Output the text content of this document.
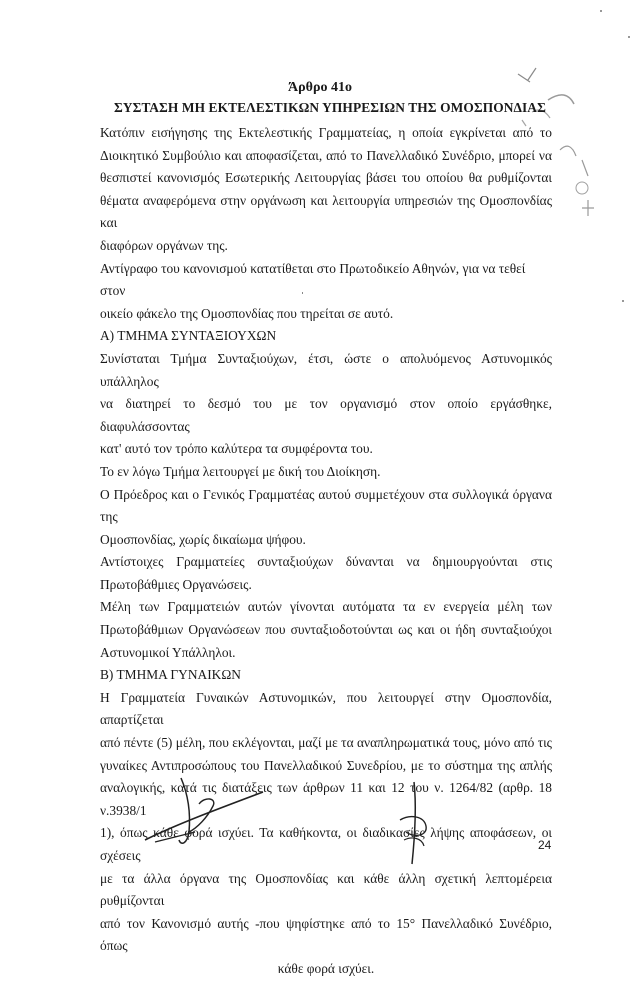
Άρθρο 41ο
ΣΥΣΤΑΣΗ ΜΗ ΕΚΤΕΛΕΣΤΙΚΩΝ ΥΠΗΡΕΣΙΩΝ ΤΗΣ ΟΜΟΣΠΟΝΔΙΑΣ

Κατόπιν εισήγησης της Εκτελεστικής Γραμματείας, η οποία εγκρίνεται από το

Διοικητικό Συμβούλιο και αποφασίζεται, από το Πανελλαδικό Συνέδριο, μπορεί να

θεσπιστεί κανονισμός Εσωτερικής Λειτουργίας βάσει του οποίου θα ρυθμίζονται

θέματα αναφερόμενα στην οργάνωση και λειτουργία υπηρεσιών της Ομοσπονδίας και

διαφόρων οργάνων της.

Αντίγραφο του κανονισμού κατατίθεται στο Πρωτοδικείο Αθηνών, για να τεθεί στον

οικείο φάκελο της Ομοσπονδίας που τηρείται σε αυτό.

Α) ΤΜΗΜΑ ΣΥΝΤΑΞΙΟΥΧΩΝ

Συνίσταται Τμήμα Συνταξιούχων, έτσι, ώστε ο απολυόμενος Αστυνομικός υπάλληλος

να διατηρεί το δεσμό του με τον οργανισμό στον οποίο εργάσθηκε, διαφυλάσσοντας

κατ' αυτό τον τρόπο καλύτερα τα συμφέροντα του.

Το εν λόγω Τμήμα λειτουργεί με δική του Διοίκηση.

Ο Πρόεδρος και ο Γενικός Γραμματέας αυτού συμμετέχουν στα συλλογικά όργανα της

Ομοσπονδίας, χωρίς δικαίωμα ψήφου.

Αντίστοιχες Γραμματείες συνταξιούχων δύνανται να δημιουργούνται στις

Πρωτοβάθμιες Οργανώσεις.

Μέλη των Γραμματειών αυτών γίνονται αυτόματα τα εν ενεργεία μέλη των

Πρωτοβάθμιων Οργανώσεων που συνταξιοδοτούνται ως και οι ήδη συνταξιούχοι

Αστυνομικοί Υπάλληλοι.

Β) ΤΜΗΜΑ ΓΥΝΑΙΚΩΝ

Η Γραμματεία Γυναικών Αστυνομικών, που λειτουργεί στην Ομοσπονδία, απαρτίζεται

από πέντε (5) μέλη, που εκλέγονται, μαζί με τα αναπληρωματικά τους, μόνο από τις

γυναίκες Αντιπροσώπους του Πανελλαδικού Συνεδρίου, με το σύστημα της απλής

αναλογικής, κατά τις διατάξεις των άρθρων 11 και 12 του ν. 1264/82 (αρθρ. 18 ν.3938/1

1), όπως κάθε φορά ισχύει. Τα καθήκοντα, οι διαδικασίες λήψης αποφάσεων, οι σχέσεις

με τα άλλα όργανα της Ομοσπονδίας και κάθε άλλη σχετική λεπτομέρεια ρυθμίζονται

από τον Κανονισμό αυτής -που ψηφίστηκε από το 15° Πανελλαδικό Συνέδριο, όπως

κάθε φορά ισχύει.

24
